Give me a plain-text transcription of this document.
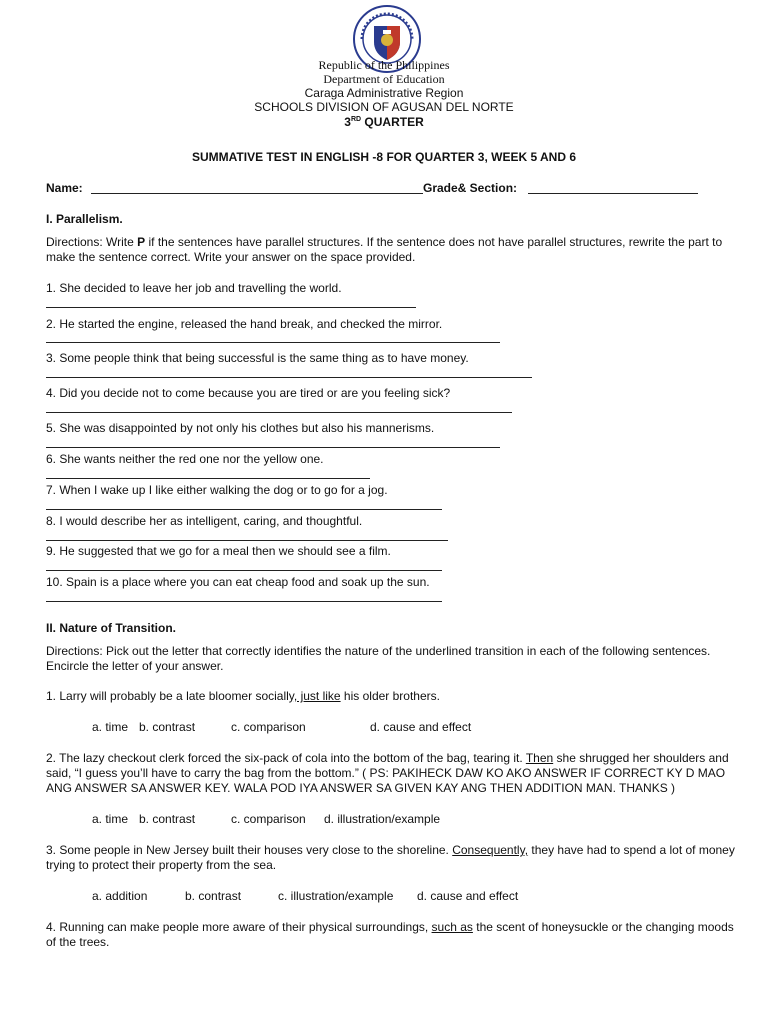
Republic of the Philippines
Department of Education
Caraga Administrative Region
SCHOOLS DIVISION OF AGUSAN DEL NORTE
3RD QUARTER
SUMMATIVE TEST IN ENGLISH -8 FOR QUARTER 3, WEEK 5 AND 6
Name:	Grade& Section:
I. Parallelism.
Directions: Write P if the sentences have parallel structures. If the sentence does not have parallel structures, rewrite the part to
make the sentence correct. Write your answer on the space provided.
1. She decided to leave her job and travelling the world.
2. He started the engine, released the hand break, and checked the mirror.
3. Some people think that being successful is the same thing as to have money.
4. Did you decide not to come because you are tired or are you feeling sick?
5. She was disappointed by not only his clothes but also his mannerisms.
6. She wants neither the red one nor the yellow one.
7. When I wake up I like either walking the dog or to go for a jog.
8. I would describe her as intelligent, caring, and thoughtful.
9. He suggested that we go for a meal then we should see a film.
10. Spain is a place where you can eat cheap food and soak up the sun.
II. Nature of Transition.
Directions: Pick out the letter that correctly identifies the nature of the underlined transition in each of the following sentences.
Encircle the letter of your answer.
1. Larry will probably be a late bloomer socially, just like his older brothers.
a. time b. contrast	c. comparison	d. cause and effect
2. The lazy checkout clerk forced the six-pack of cola into the bottom of the bag, tearing it. Then she shrugged her shoulders and
said, “I guess you’ll have to carry the bag from the bottom.” ( PS: PAKIHECK DAW KO AKO ANSWER IF CORRECT KY D MAO
ANG ANSWER SA ANSWER KEY. WALA POD IYA ANSWER SA GIVEN KAY ANG THEN ADDITION MAN. THANKS )
a. time b. contrast	c. comparison d. illustration/example
3. Some people in New Jersey built their houses very close to the shoreline. Consequently, they have had to spend a lot of money
trying to protect their property from the sea.
a. addition	b. contrast	c. illustration/example d. cause and effect
4. Running can make people more aware of their physical surroundings, such as the scent of honeysuckle or the changing moods
of the trees.
